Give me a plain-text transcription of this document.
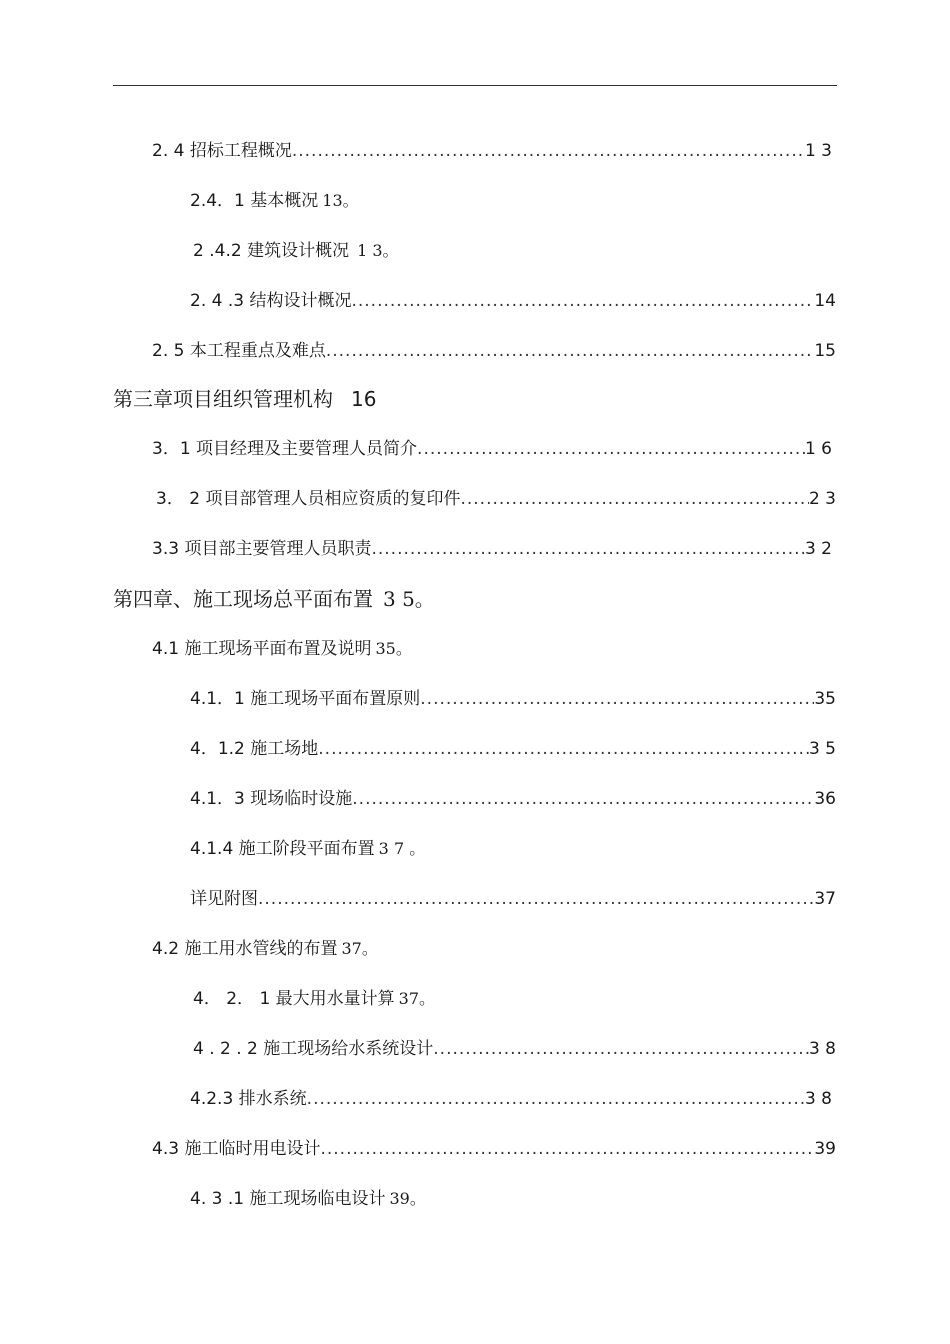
2. 4 招标工程概况 .....	1 3
2.4．1 基本概况 13。
2 .4.2 建筑设计概况 1 3。
2. 4 .3 结构设计概况 .....	14
2. 5 本工程重点及难点 .....	15
第三章项目组织管理机构 16
3．1 项目经理及主要管理人员简介 .....	1 6
3． 2 项目部管理人员相应资质的复印件 .....	2 3
3.3 项目部主要管理人员职责 .....	3 2
第四章、施工现场总平面布置 3 5。
4.1 施工现场平面布置及说明 35。
4.1．1 施工现场平面布置原则 .....	35
4．1.2 施工场地 .....	3 5
4.1．3 现场临时设施 .....	36
4.1.4 施工阶段平面布置 3 7 。
详见附图 .....	37
4.2 施工用水管线的布置 37。
4． 2． 1 最大用水量计算 37。
4 . 2 . 2 施工现场给水系统设计 .....	3 8
4.2.3 排水系统 .....	3 8
4.3 施工临时用电设计 .....	39
4. 3 .1 施工现场临电设计 39。
